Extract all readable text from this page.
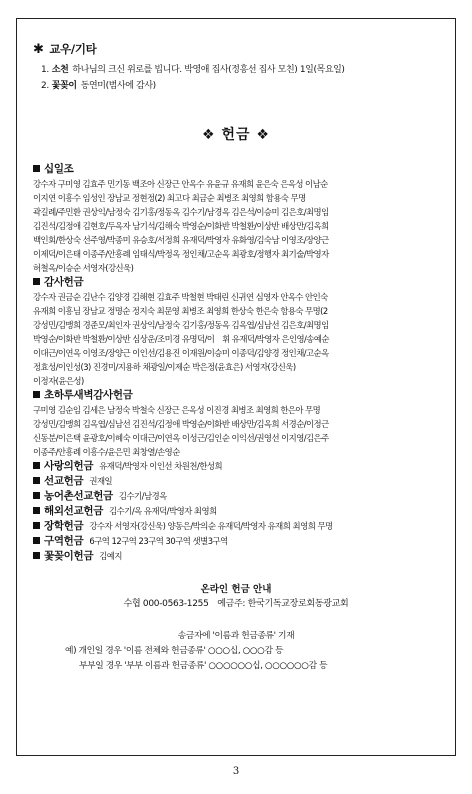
✱ 교우/기타
1. 소천 하나님의 크신 위로를 빕니다. 박영애 집사(정흥선 집사 모친) 1일(목요일)
2. 꽃꽂이 동연미(범사에 감사)
❖ 헌금 ❖
십일조
강수자 구미영 김효주 민기동 백조아 신장근 안옥수 유윤규 유재희 윤은숙 은옥성 이남순
이지연 이흥수 임성인 장남교 정현정(2) 최고다 최금순 최병조 최영희 함용숙 무명
곽길례/주민환 권상익/남정숙 김기홍/정동옥 김수기/남경옥 김은석/이승미 김은호/최명임
김진석/김정애 김현호/두옥자 남기석/김해숙 박영순/이화반 박철환/이상반 배상만/김옥희
백인회/한상숙 선주영/박종미 유승호/서정희 유재덕/박영자 유화영/김숙남 이영조/장양근
이제덕/이은태 이종주/안흥례 임태식/박정옥 정인채/고순옥 최광호/정행자 최기술/박영자
허철옥/이승순 서영자(강신욱)
감사헌금
강수자 권금순 김난수 김양경 김해현 김효주 박철현 박태린 신귀연 심영자 안옥수 안인숙
유재희 이흥님 장남교 정명순 정지숙 최문영 최병조 최영희 한상숙 한은숙 함용숙 무명(2
강성민/김맹희 경준모/최인자 권상익/남정숙 김기홍/정동옥 김옥엽/심남선 김은호/최명임
박영순/이화반 박철환/이상반 심상운/조미경 유명덕/이　휘 유재덕/박영자 은인영/송예순
이대근/이연옥 이영조/장양근 이인선/김용진 이재원/이승미 이종덕/김양경 정인채/고순옥
정효성/이인성(3) 진경미/지용하 채광일/이제순 박은정(윤효은) 서영자(강신욱)
이정자(윤은성)
초하루새벽감사헌금
구미영 김순임 김세은 남정숙 박철숙 신장근 은옥성 이진경 최병조 최영희 한은아 무명
강성민/김맹희 김옥엽/심남선 김진석/김정애 박영순/이화반 배상만/김옥희 서경순/이정근
신동분/이은택 윤광호/이혜숙 이대근/이연옥 이성근/김인순 이익선/권영선 이지영/김은주
이종주/안흥례 이흥수/윤은민 최창열/손영순
사랑의헌금 유재덕/박영자 이인선 차원천/한성희
선교헌금 권재일
농어촌선교헌금 김수기/남경옥
해외선교헌금 김수기/옥 유재덕/박영자 최영희
장학헌금 강수자 서영자(강신욱) 양동은/박의순 유재덕/박영자 유재희 최영희 무명
구역헌금 6구역 12구역 23구역 30구역 샛별3구역
꽃꽂이헌금 김예지
온라인 헌금 안내
수협 000-0563-1255　예금주: 한국기독교장로회동광교회
송금자에 '이름과 헌금종류' 기재
예) 개인일 경우 '이름 전체와 헌금종류' ○○○십, ○○○감 등
부부일 경우 '부부 이름과 헌금종류' ○○○○○○십, ○○○○○○감 등
3
